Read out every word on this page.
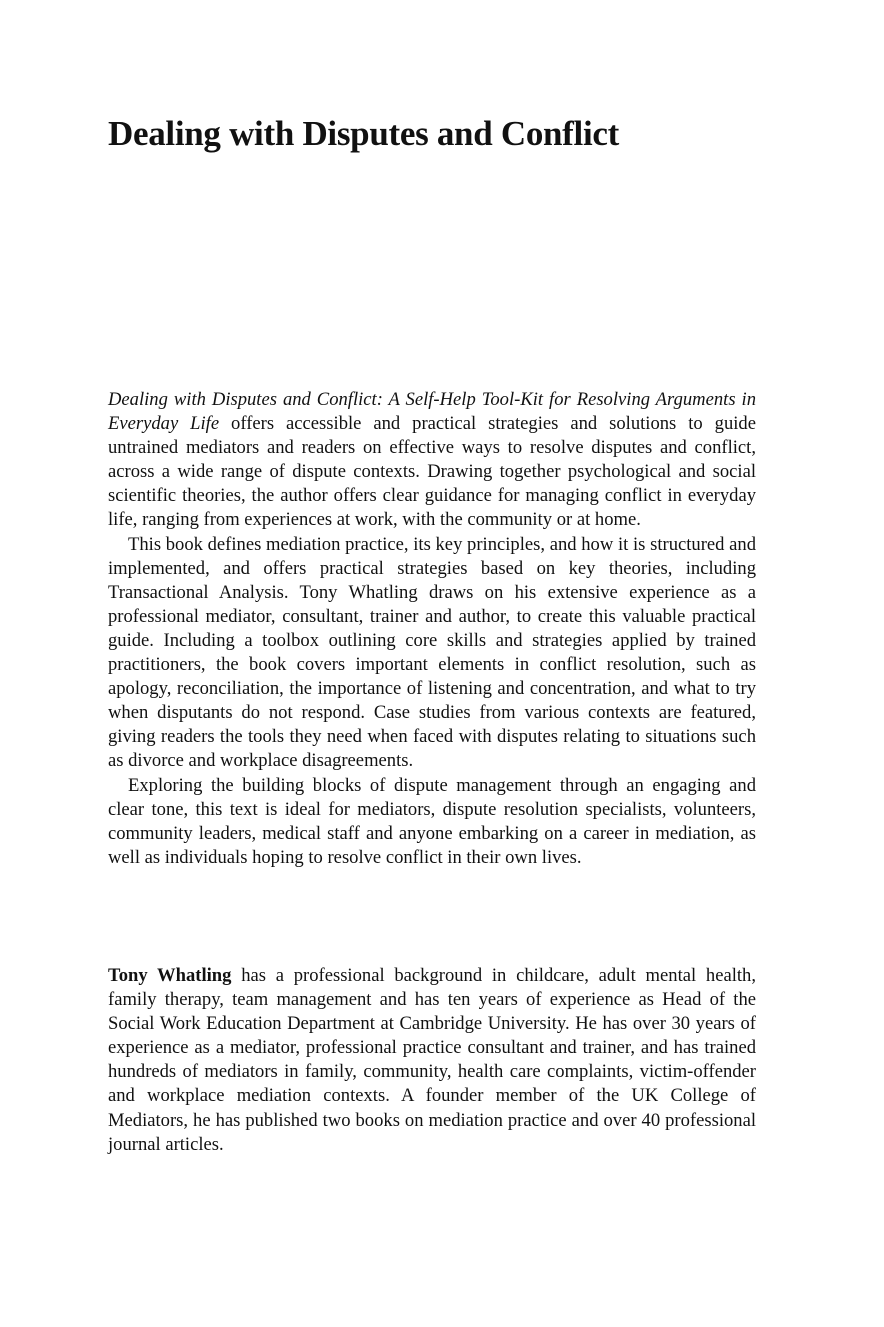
Dealing with Disputes and Conflict

Dealing with Disputes and Conflict: A Self-Help Tool-Kit for Resolving Arguments in Everyday Life offers accessible and practical strategies and solutions to guide untrained mediators and readers on effective ways to resolve disputes and conflict, across a wide range of dispute contexts. Drawing together psychological and social scientific theories, the author offers clear guidance for managing conflict in everyday life, ranging from experiences at work, with the community or at home.

This book defines mediation practice, its key principles, and how it is structured and implemented, and offers practical strategies based on key theories, including Transactional Analysis. Tony Whatling draws on his extensive experience as a professional mediator, consultant, trainer and author, to create this valuable practical guide. Including a toolbox outlining core skills and strategies applied by trained practitioners, the book covers important elements in conflict resolution, such as apology, reconciliation, the importance of listening and concentration, and what to try when disputants do not respond. Case studies from various contexts are featured, giving readers the tools they need when faced with disputes relating to situations such as divorce and workplace disagreements.

Exploring the building blocks of dispute management through an engaging and clear tone, this text is ideal for mediators, dispute resolution specialists, volunteers, community leaders, medical staff and anyone embarking on a career in mediation, as well as individuals hoping to resolve conflict in their own lives.

Tony Whatling has a professional background in childcare, adult mental health, family therapy, team management and has ten years of experience as Head of the Social Work Education Department at Cambridge University. He has over 30 years of experience as a mediator, professional practice consultant and trainer, and has trained hundreds of mediators in family, community, health care complaints, victim-offender and workplace mediation contexts. A founder member of the UK College of Mediators, he has published two books on mediation practice and over 40 professional journal articles.
